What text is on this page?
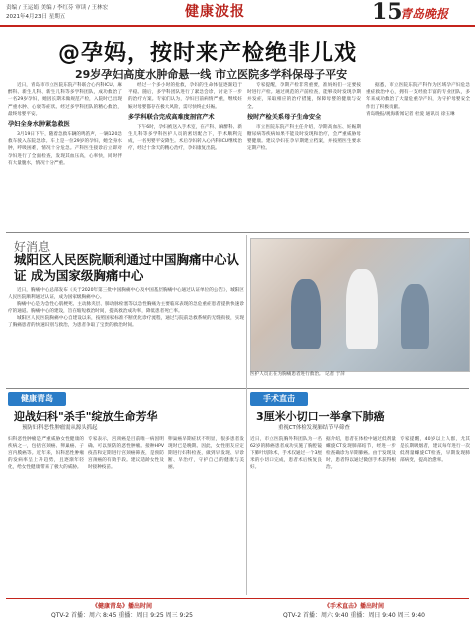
责编 / 王运娟 美编 / 李红芬 审读 / 王林宏
2021年4月23日 星期五	健康波报	15
青岛晚报
@孕妈，按时来产检绝非儿戏
29岁孕妇高度水肿命悬一线 市立医院多学科保母子平安

近日，青岛市市立医院东院产科联合心内科ICU、麻醉科、新生儿科、新生儿科等多学科团队，成功救治了一名29岁孕妇，她因长期未做规范产检，入院时已出现严重水肿、心衰等症状。经过多学科团队的精心救治，最终母婴平安。

孕妇全身水肿紧急救医

3月19日下午，随着急救车辆的鸣笛声，一辆120急救车驶入东院急诊。车上是一位29岁的孕妇，她全身水肿，呼吸困难，情况十分危急。产科医生接诊后立即对孕妇进行了全面检查，发现其血压高，心率快，同时伴有大量腹水，情况十分严重。

经过一个多小时的抢救，孕妇的生命体征逐渐趋于平稳。随后，多学科团队进行了紧急会诊，讨论下一步的治疗方案。专家们认为，孕妇目前病情严重，继续妊娠对母婴都存在极大风险，需尽快终止妊娠。

多学科联合完成高难度剖宫产术

下午6时，孕妇被送入手术室，在产科、麻醉科、新生儿科等多学科医护人员的密切配合下，手术顺利完成，一名男婴平安降生。术后孕妇转入心内科ICU继续治疗，经过十余天的精心治疗，孕妇康复出院。

专家提醒，孕期产检非常重要，准妈妈们一定要按时进行产检。通过规范的产前检查，能够及时发现孕期并发症，采取相应的治疗措施，保障母婴的健康与安全。

按时产检关系母子生命安全

市立医院东院产科主任介绍，孕期高血压、妊娠期糖尿病等疾病如果不能及时发现和治疗，会严重威胁母婴健康。建议孕妇在孕早期建立档案，并按照医生要求定期产检。

据悉，市立医院东院产科作为区域孕产妇危急重症救治中心，拥有一支经验丰富的专业团队，多年来成功救治了大量危重孕产妇，为守护母婴安全作出了积极贡献。

青岛晚报/观海新闻记者 杜爱 通讯员 徐玉琳
好消息
城阳区人民医院顺利通过中国胸痛中心认证 成为国家级胸痛中心

近日，胸痛中心总部发布《关于2020年第三批中国胸痛中心及中国基层胸痛中心通过认证单位的公告》，城阳区人民医院顺利通过认证，成为国家级胸痛中心。

胸痛中心是为急性心肌梗死、主动脉夹层、肺动脉栓塞等以急性胸痛为主要临床表现的急危重症患者提供快速诊疗的通道。胸痛中心的建设，旨在缩短救治时间，提高救治成功率，降低患者死亡率。

城阳区人民医院胸痛中心自建设以来，按照国家标准不断优化诊疗流程，通过与院前急救系统的无缝衔接，实现了胸痛患者的快速识别与救治，为患者争取了宝贵的救治时间。

医护人员正在为胸痛患者进行救治。 记者 于萍
健康青岛
迎战妇科"杀手"绽放生命芳华
预防妇科恶性肿瘤需从源头抓起
妇科恶性肿瘤是严重威胁女性健康的疾病之一，包括宫颈癌、卵巢癌、子宫内膜癌等。近年来，妇科恶性肿瘤的发病率呈上升趋势，且逐渐年轻化，给女性健康带来了极大的威胁。
专家表示，宫颈癌是目前唯一病因明确、可以预防的恶性肿瘤。接种HPV疫苗和定期进行宫颈癌筛查，是预防宫颈癌的有效手段。建议适龄女性及时接种疫苗。
卵巢癌早期症状不明显，很多患者发现时已是晚期。因此，女性朋友应定期进行妇科检查，做到早发现、早诊断、早治疗，守护自己的健康与美丽。
手术直击
3厘米小切口一举拿下肺癌
重视CT体检发现肺结节早筛查
近日，市立医院胸外科团队为一名62岁的肺癌患者成功实施了胸腔镜下肺叶切除术，手术仅通过一个3厘米的小切口完成，患者术后恢复良好。
据介绍，患者在体检中通过低剂量螺旋CT发现肺部结节，经进一步检查确诊为早期肺癌。由于发现及时，患者得以通过微创手术获得根治。
专家提醒，40岁以上人群，尤其是长期吸烟者，建议每年进行一次低剂量螺旋CT检查，早期发现肺部病变，提高治愈率。
《健康青岛》播出时间
QTV-2 首播：周六 8:45 重播：周日 9:25 周三 9:25
《手术直击》播出时间
QTV-2 首播：周六 9:40 重播：周日 9:40 周三 9:40
